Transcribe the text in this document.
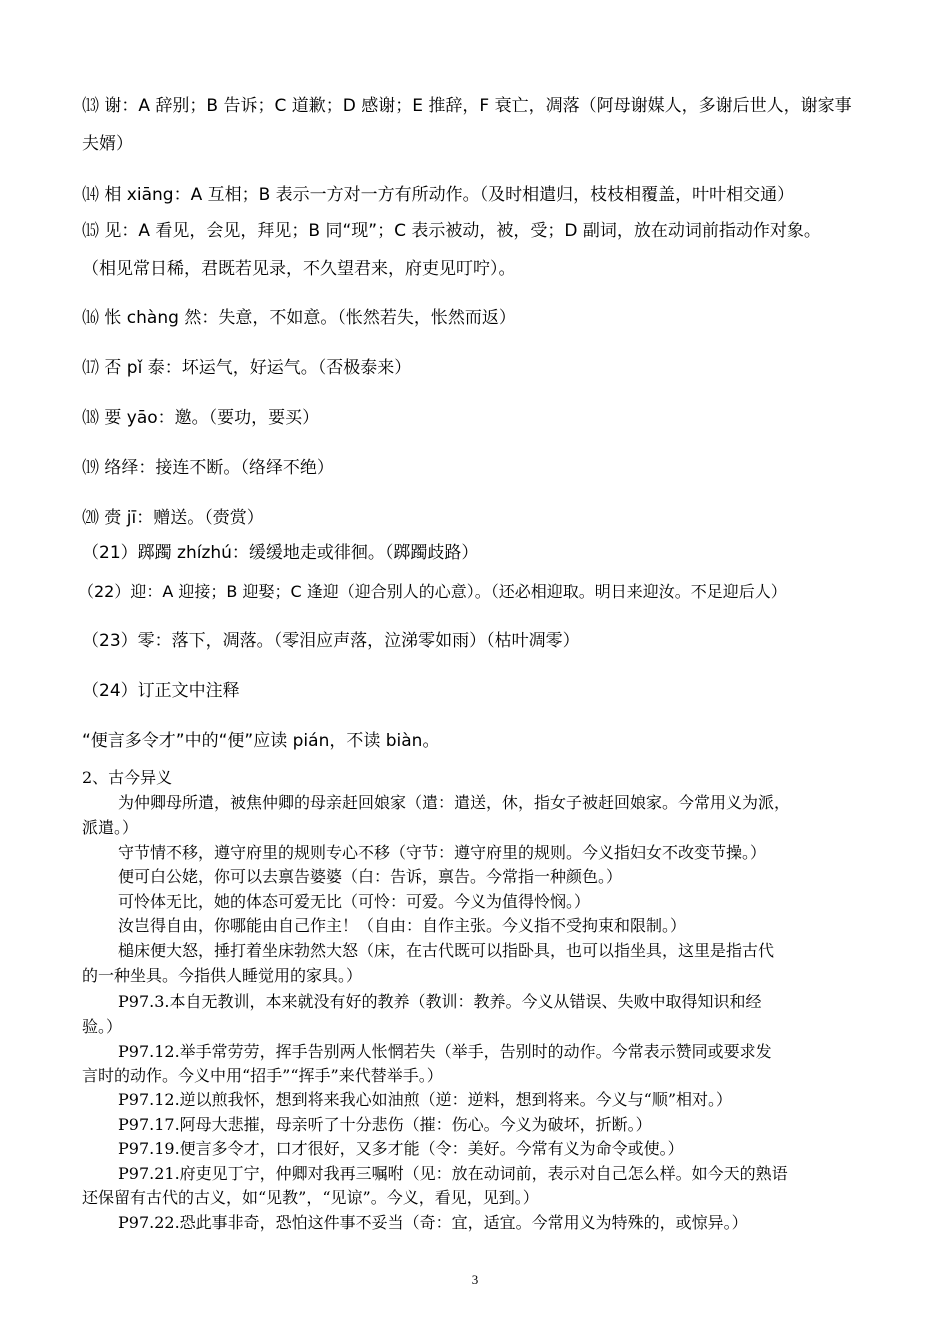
⒀ 谢：A 辞别；B 告诉；C 道歉；D 感谢；E 推辞，F 衰亡，凋落（阿母谢媒人，多谢后世人，谢家事
夫婿）
⒁ 相 xiāng：A 互相；B 表示一方对一方有所动作。（及时相遣归，枝枝相覆盖，叶叶相交通）
⒂ 见：A 看见，会见，拜见；B 同“现”；C 表示被动，被，受；D 副词，放在动词前指动作对象。
（相见常日稀，君既若见录，不久望君来，府吏见叮咛）。
⒃ 怅 chàng 然：失意，不如意。（怅然若失，怅然而返）
⒄ 否 pǐ 泰：坏运气，好运气。（否极泰来）
⒅ 要 yāo：邀。（要功，要买）
⒆ 络绎：接连不断。（络绎不绝）
⒇ 赍 jī：赠送。（赍赏）
（21）踯躅 zhízhú：缓缓地走或徘徊。（踯躅歧路）
（22）迎：A 迎接；B 迎娶；C 逢迎（迎合别人的心意）。（还必相迎取。明日来迎汝。不足迎后人）
（23）零：落下，凋落。（零泪应声落，泣涕零如雨）（枯叶凋零）
（24）订正文中注释
“便言多令才”中的“便”应读 pián，不读 biàn。
2、古今异义
为仲卿母所遣，被焦仲卿的母亲赶回娘家（遣：遣送，休，指女子被赶回娘家。今常用义为派，
派遣。）
守节情不移，遵守府里的规则专心不移（守节：遵守府里的规则。今义指妇女不改变节操。）
便可白公姥，你可以去禀告婆婆（白：告诉，禀告。今常指一种颜色。）
可怜体无比，她的体态可爱无比（可怜：可爱。今义为值得怜悯。）
汝岂得自由，你哪能由自己作主！（自由：自作主张。今义指不受拘束和限制。）
槌床便大怒，捶打着坐床勃然大怒（床，在古代既可以指卧具，也可以指坐具，这里是指古代
的一种坐具。今指供人睡觉用的家具。）
P97.3.本自无教训，本来就没有好的教养（教训：教养。今义从错误、失败中取得知识和经
验。）
P97.12.举手常劳劳，挥手告别两人怅惘若失（举手，告别时的动作。今常表示赞同或要求发
言时的动作。今义中用“招手”“挥手”来代替举手。）
P97.12.逆以煎我怀，想到将来我心如油煎（逆：逆料，想到将来。今义与“顺”相对。）
P97.17.阿母大悲摧，母亲听了十分悲伤（摧：伤心。今义为破坏，折断。）
P97.19.便言多令才，口才很好，又多才能（令：美好。今常有义为命令或使。）
P97.21.府吏见丁宁，仲卿对我再三嘱咐（见：放在动词前，表示对自己怎么样。如今天的熟语
还保留有古代的古义，如“见教”，“见谅”。今义，看见，见到。）
P97.22.恐此事非奇，恐怕这件事不妥当（奇：宜，适宜。今常用义为特殊的，或惊异。）
3
